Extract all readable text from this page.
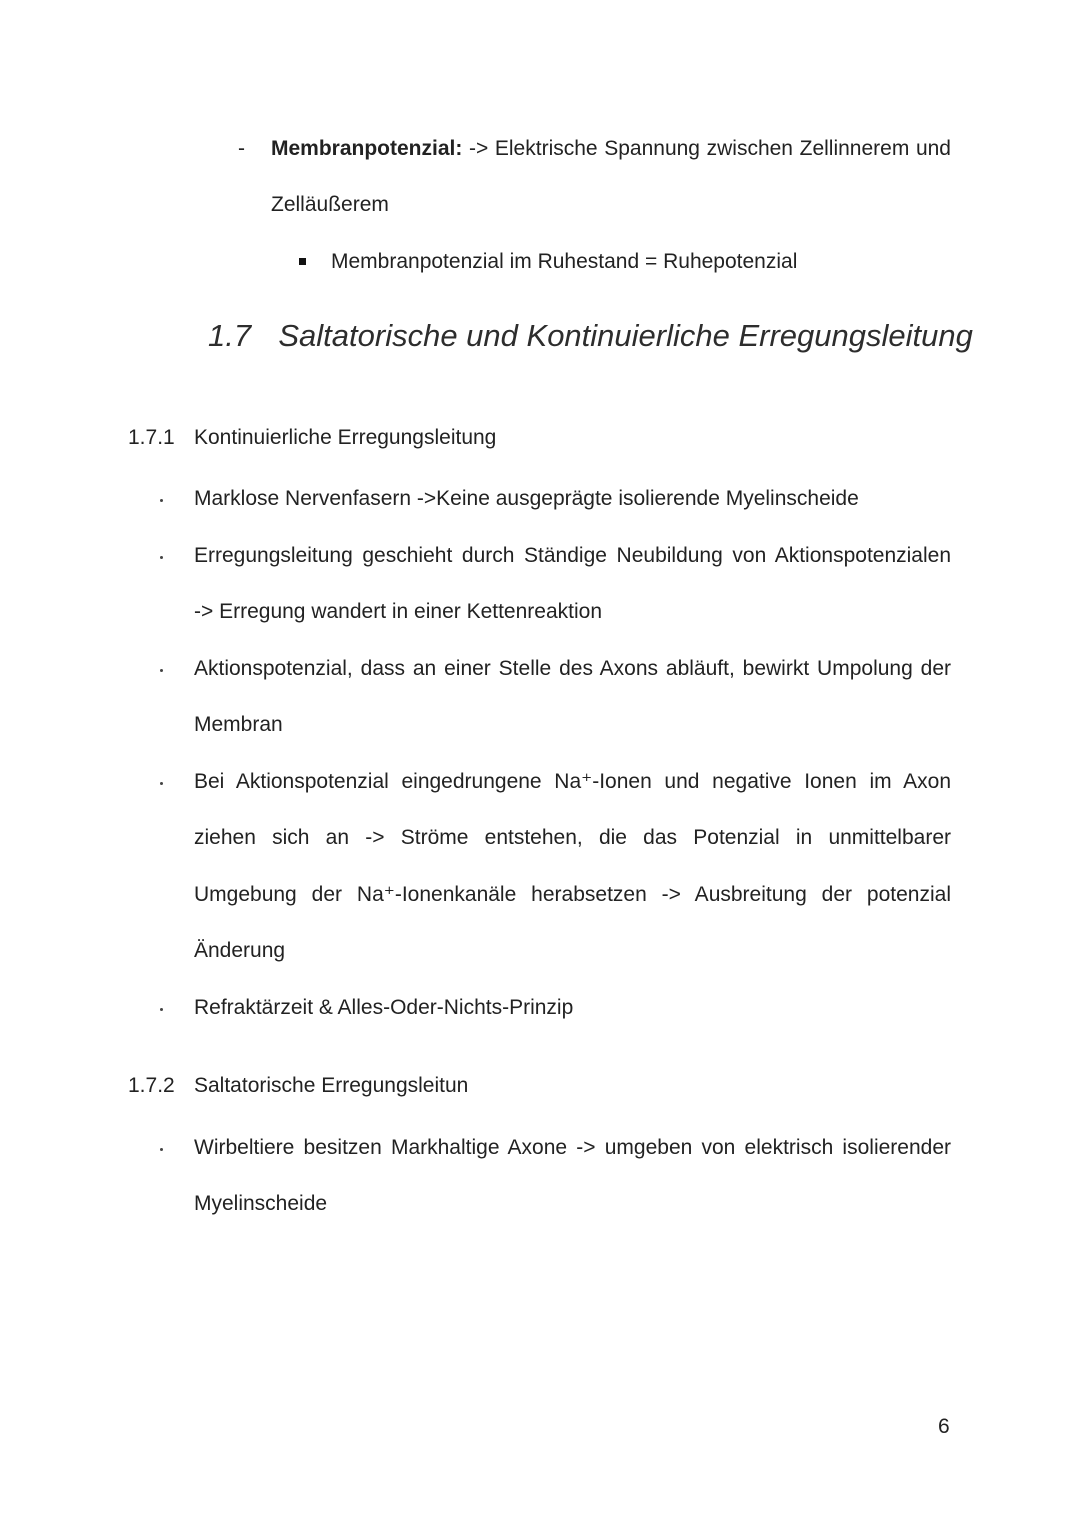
- Membranpotenzial: -> Elektrische Spannung zwischen Zellinnerem und
Zelläußerem
Membranpotenzial im Ruhestand = Ruhepotenzial
1.7 Saltatorische und Kontinuierliche Erregungsleitung
1.7.1 Kontinuierliche Erregungsleitung
Marklose Nervenfasern ->Keine ausgeprägte isolierende Myelinscheide
Erregungsleitung geschieht durch Ständige Neubildung von Aktionspotenzialen
-> Erregung wandert in einer Kettenreaktion
Aktionspotenzial, dass an einer Stelle des Axons abläuft, bewirkt Umpolung der
Membran
Bei Aktionspotenzial eingedrungene Na⁺-Ionen und negative Ionen im Axon
ziehen sich an -> Ströme entstehen, die das Potenzial in unmittelbarer
Umgebung der Na⁺-Ionenkanäle herabsetzen -> Ausbreitung der potenzial
Änderung
Refraktärzeit & Alles-Oder-Nichts-Prinzip
1.7.2 Saltatorische Erregungsleitun
Wirbeltiere besitzen Markhaltige Axone -> umgeben von elektrisch isolierender
Myelinscheide
6
